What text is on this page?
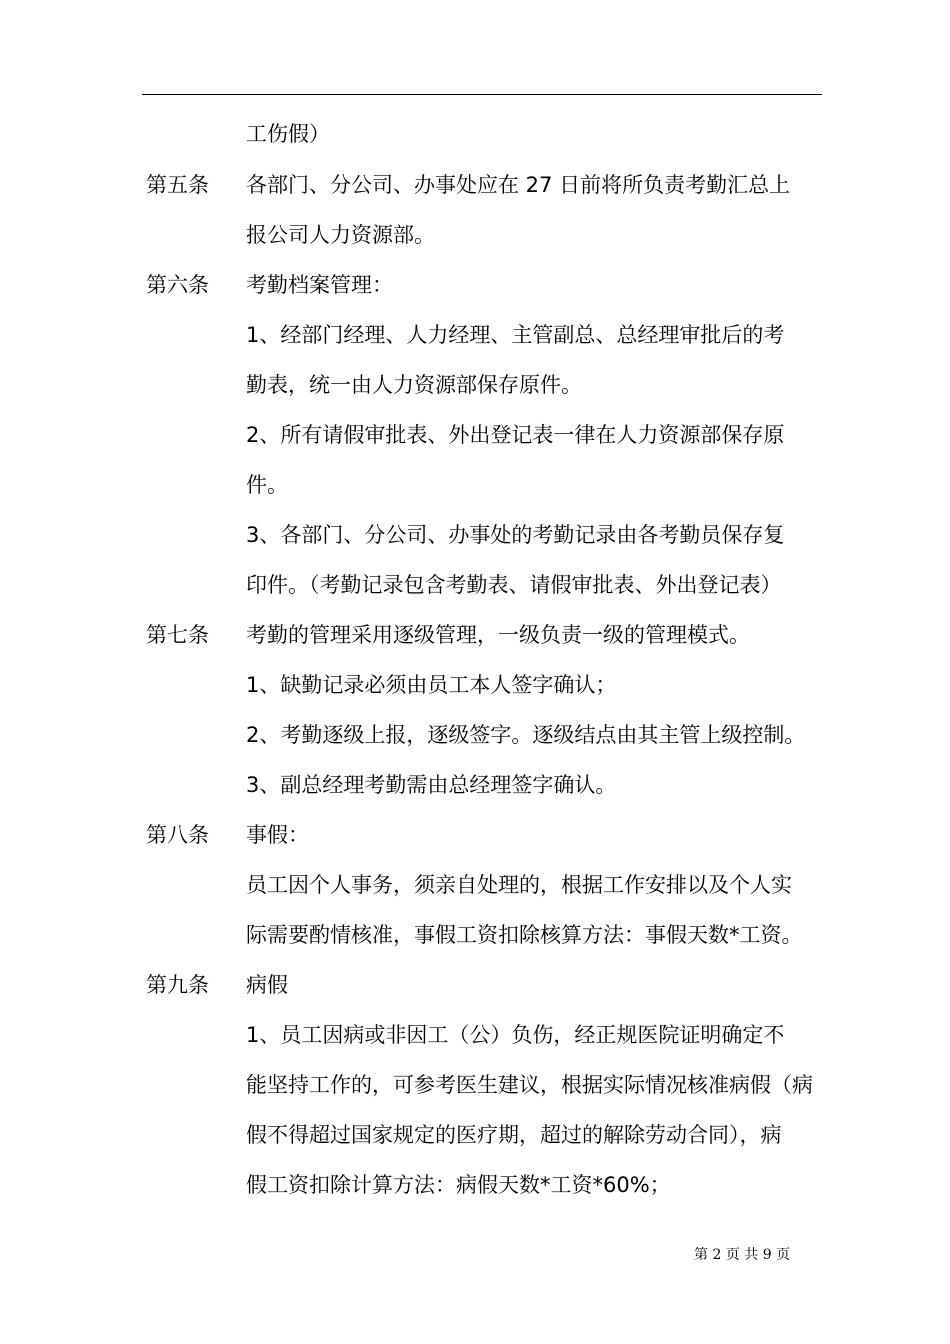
工伤假）
第五条 各部门、分公司、办事处应在 27 日前将所负责考勤汇总上
报公司人力资源部。
第六条 考勤档案管理：
1、经部门经理、人力经理、主管副总、总经理审批后的考
勤表，统一由人力资源部保存原件。
2、所有请假审批表、外出登记表一律在人力资源部保存原
件。
3、各部门、分公司、办事处的考勤记录由各考勤员保存复
印件。（考勤记录包含考勤表、请假审批表、外出登记表）
第七条 考勤的管理采用逐级管理，一级负责一级的管理模式。
1、缺勤记录必须由员工本人签字确认；
2、考勤逐级上报，逐级签字。逐级结点由其主管上级控制。
3、副总经理考勤需由总经理签字确认。
第八条 事假：
员工因个人事务，须亲自处理的，根据工作安排以及个人实
际需要酌情核准，事假工资扣除核算方法：事假天数*工资。
第九条 病假
1、员工因病或非因工（公）负伤，经正规医院证明确定不
能坚持工作的，可参考医生建议，根据实际情况核准病假（病
假不得超过国家规定的医疗期，超过的解除劳动合同），病
假工资扣除计算方法：病假天数*工资*60%；
第 2 页 共 9 页
